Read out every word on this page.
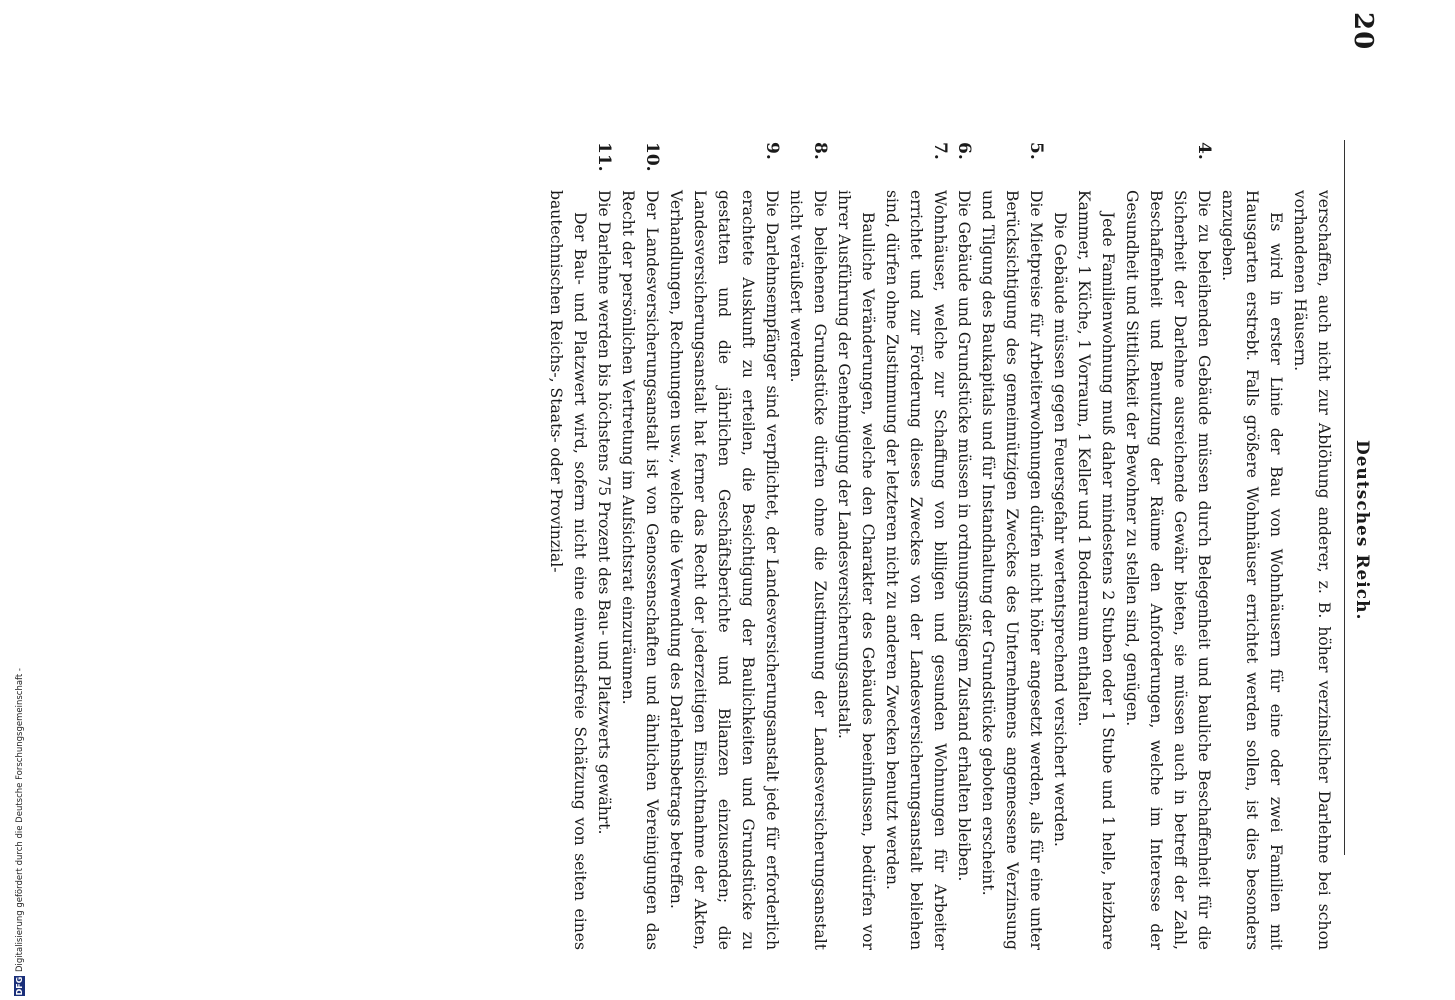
DFG
Digitalisierung gefördert durch die Deutsche Forschungsgemeinschaft -
20
Deutsches Reich.

verschaffen, auch nicht zur Ablöhung anderer, z. B. höher verzinslicher Darlehne bei schon vorhandenen Häusern.

Es wird in erster Linie der Bau von Wohnhäusern für eine oder zwei Familien mit Hausgarten erstrebt. Falls größere Wohnhäuser errichtet werden sollen, ist dies besonders anzugeben.

4.

Die zu beleihenden Gebäude müssen durch Belegenheit und bauliche Beschaffenheit für die Sicherheit der Darlehne ausreichende Gewähr bieten, sie müssen auch in betreff der Zahl, Beschaffenheit und Benutzung der Räume den Anforderungen, welche im Interesse der Gesundheit und Sittlichkeit der Bewohner zu stellen sind, genügen.

Jede Familienwohnung muß daher mindestens 2 Stuben oder 1 Stube und 1 helle, heizbare Kammer, 1 Küche, 1 Vorraum, 1 Keller und 1 Bodenraum enthalten.

Die Gebäude müssen gegen Feuersgefahr wertentsprechend versichert werden.

5.

Die Mietpreise für Arbeiterwohnungen dürfen nicht höher angesetzt werden, als für eine unter Berücksichtigung des gemeinnützigen Zweckes des Unternehmens angemessene Verzinsung und Tilgung des Baukapitals und für Instandhaltung der Grundstücke geboten erscheint.

6.

Die Gebäude und Grundstücke müssen in ordnungsmäßigem Zustand erhalten bleiben.

7.

Wohnhäuser, welche zur Schaffung von billigen und gesunden Wohnungen für Arbeiter errichtet und zur Förderung dieses Zweckes von der Landesversicherungsanstalt beliehen sind, dürfen ohne Zustimmung der letzteren nicht zu anderen Zwecken benutzt werden.

Bauliche Veränderungen, welche den Charakter des Gebäudes beeinflussen, bedürfen vor ihrer Ausführung der Genehmigung der Landesversicherungsanstalt.

8.

Die beliehenen Grundstücke dürfen ohne die Zustimmung der Landesversicherungsanstalt nicht veräußert werden.

9.

Die Darlehnsempfänger sind verpflichtet, der Landesversicherungsanstalt jede für erforderlich erachtete Auskunft zu erteilen, die Besichtigung der Baulichkeiten und Grundstücke zu gestatten und die jährlichen Geschäftsberichte und Bilanzen einzusenden; die Landesversicherungsanstalt hat ferner das Recht der jederzeitigen Einsichtnahme der Akten, Verhandlungen, Rechnungen usw., welche die Verwendung des Darlehnsbetrags betreffen.

10.

Der Landesversicherungsanstalt ist von Genossenschaften und ähnlichen Vereinigungen das Recht der persönlichen Vertretung im Aufsichtsrat einzuräumen.

11.

Die Darlehne werden bis höchstens 75 Prozent des Bau- und Platzwerts gewährt.

Der Bau- und Platzwert wird, sofern nicht eine einwandsfreie Schätzung von seiten eines bautechnischen Reichs-, Staats- oder Provinzial-
